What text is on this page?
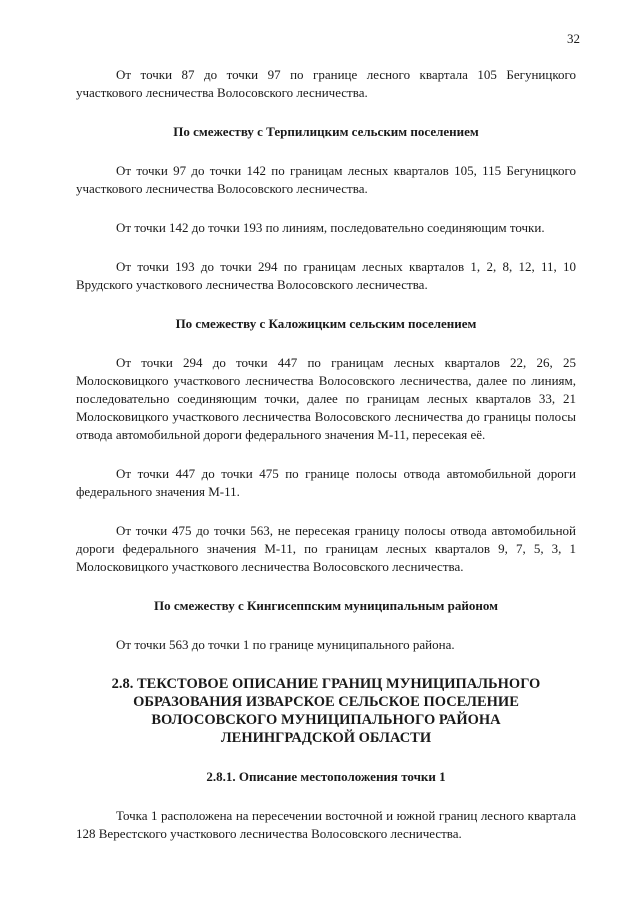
32

От точки 87 до точки 97 по границе лесного квартала 105 Бегуницкого участкового лесничества Волосовского лесничества.

По смежеству с Терпилицким сельским поселением

От точки 97 до точки 142 по границам лесных кварталов 105, 115 Бегуницкого участкового лесничества Волосовского лесничества.

От точки 142 до точки 193 по линиям, последовательно соединяющим точки.

От точки 193 до точки 294 по границам лесных кварталов 1, 2, 8, 12, 11, 10 Врудского участкового лесничества Волосовского лесничества.

По смежеству с Каложицким сельским поселением

От точки 294 до точки 447 по границам лесных кварталов 22, 26, 25 Молосковицкого участкового лесничества Волосовского лесничества, далее по линиям, последовательно соединяющим точки, далее по границам лесных кварталов 33, 21 Молосковицкого участкового лесничества Волосовского лесничества до границы полосы отвода автомобильной дороги федерального значения М-11, пересекая её.

От точки 447 до точки 475 по границе полосы отвода автомобильной дороги федерального значения М-11.

От точки 475 до точки 563, не пересекая границу полосы отвода автомобильной дороги федерального значения М-11, по границам лесных кварталов 9, 7, 5, 3, 1 Молосковицкого участкового лесничества Волосовского лесничества.

По смежеству с Кингисеппским муниципальным районом

От точки 563 до точки 1 по границе муниципального района.

2.8. ТЕКСТОВОЕ ОПИСАНИЕ ГРАНИЦ МУНИЦИПАЛЬНОГО
ОБРАЗОВАНИЯ ИЗВАРСКОЕ СЕЛЬСКОЕ ПОСЕЛЕНИЕ
ВОЛОСОВСКОГО МУНИЦИПАЛЬНОГО РАЙОНА
ЛЕНИНГРАДСКОЙ ОБЛАСТИ
2.8.1. Описание местоположения точки 1

Точка 1 расположена на пересечении восточной и южной границ лесного квартала 128 Верестского участкового лесничества Волосовского лесничества.
